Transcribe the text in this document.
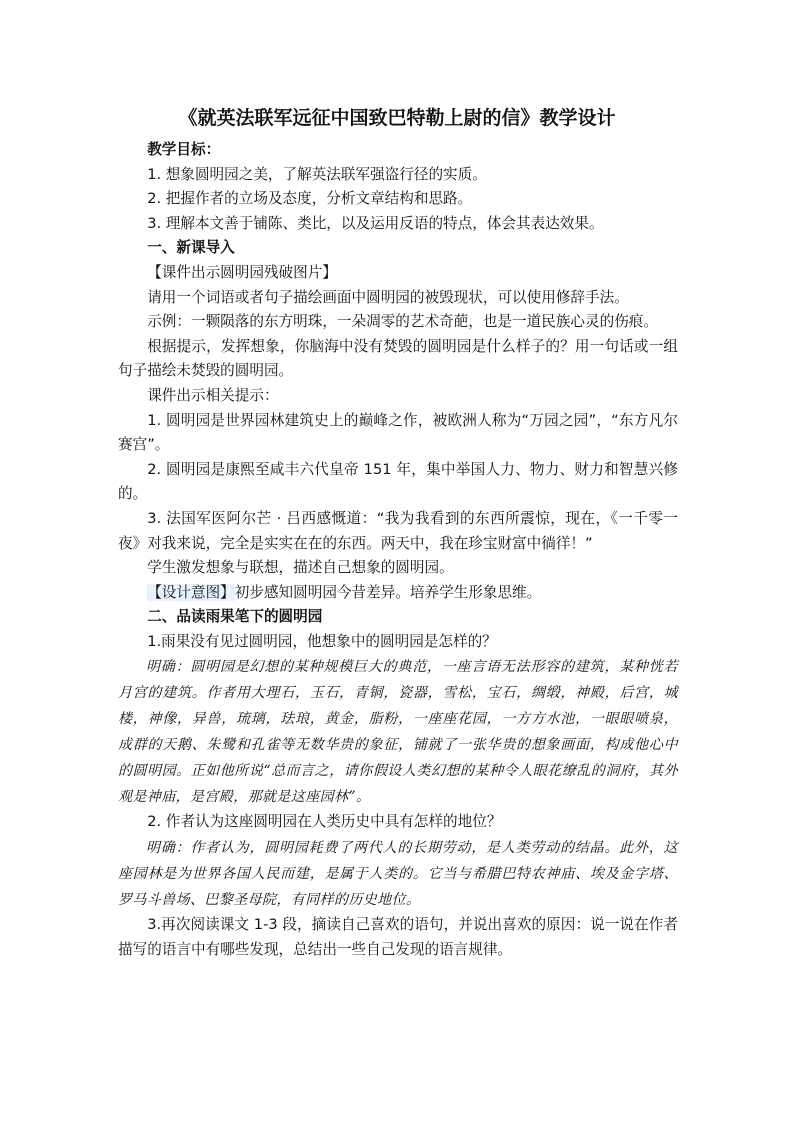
《就英法联军远征中国致巴特勒上尉的信》教学设计

教学目标：

1. 想象圆明园之美，了解英法联军强盗行径的实质。

2. 把握作者的立场及态度，分析文章结构和思路。

3. 理解本文善于铺陈、类比，以及运用反语的特点，体会其表达效果。

一、新课导入

【课件出示圆明园残破图片】

请用一个词语或者句子描绘画面中圆明园的被毁现状，可以使用修辞手法。

示例：一颗陨落的东方明珠，一朵凋零的艺术奇葩，也是一道民族心灵的伤痕。

根据提示，发挥想象，你脑海中没有焚毁的圆明园是什么样子的？用一句话或一组句子描绘未焚毁的圆明园。

课件出示相关提示：

1. 圆明园是世界园林建筑史上的巅峰之作，被欧洲人称为“万园之园”，“东方凡尔赛宫”。

2. 圆明园是康熙至咸丰六代皇帝 151 年，集中举国人力、物力、财力和智慧兴修的。

3. 法国军医阿尔芒 · 吕西感慨道：“我为我看到的东西所震惊，现在，《一千零一夜》对我来说，完全是实实在在的东西。两天中，我在珍宝财富中徜徉！”

学生激发想象与联想，描述自己想象的圆明园。

【设计意图】初步感知圆明园今昔差异。培养学生形象思维。

二、品读雨果笔下的圆明园

1.雨果没有见过圆明园，他想象中的圆明园是怎样的？

明确：圆明园是幻想的某种规模巨大的典范，一座言语无法形容的建筑，某种恍若月宫的建筑。作者用大理石，玉石，青铜，瓷器，雪松，宝石，绸缎，神殿，后宫，城楼，神像，异兽，琉璃，珐琅，黄金，脂粉，一座座花园，一方方水池，一眼眼喷泉，成群的天鹅、朱鹭和孔雀等无数华贵的象征，铺就了一张华贵的想象画面，构成他心中的圆明园。正如他所说“总而言之，请你假设人类幻想的某种令人眼花缭乱的洞府，其外观是神庙，是宫殿，那就是这座园林”。

2. 作者认为这座圆明园在人类历史中具有怎样的地位？

明确：作者认为，圆明园耗费了两代人的长期劳动，是人类劳动的结晶。此外，这座园林是为世界各国人民而建，是属于人类的。它当与希腊巴特农神庙、埃及金字塔、罗马斗兽场、巴黎圣母院，有同样的历史地位。

3.再次阅读课文 1-3 段，摘读自己喜欢的语句，并说出喜欢的原因：说一说在作者描写的语言中有哪些发现，总结出一些自己发现的语言规律。
